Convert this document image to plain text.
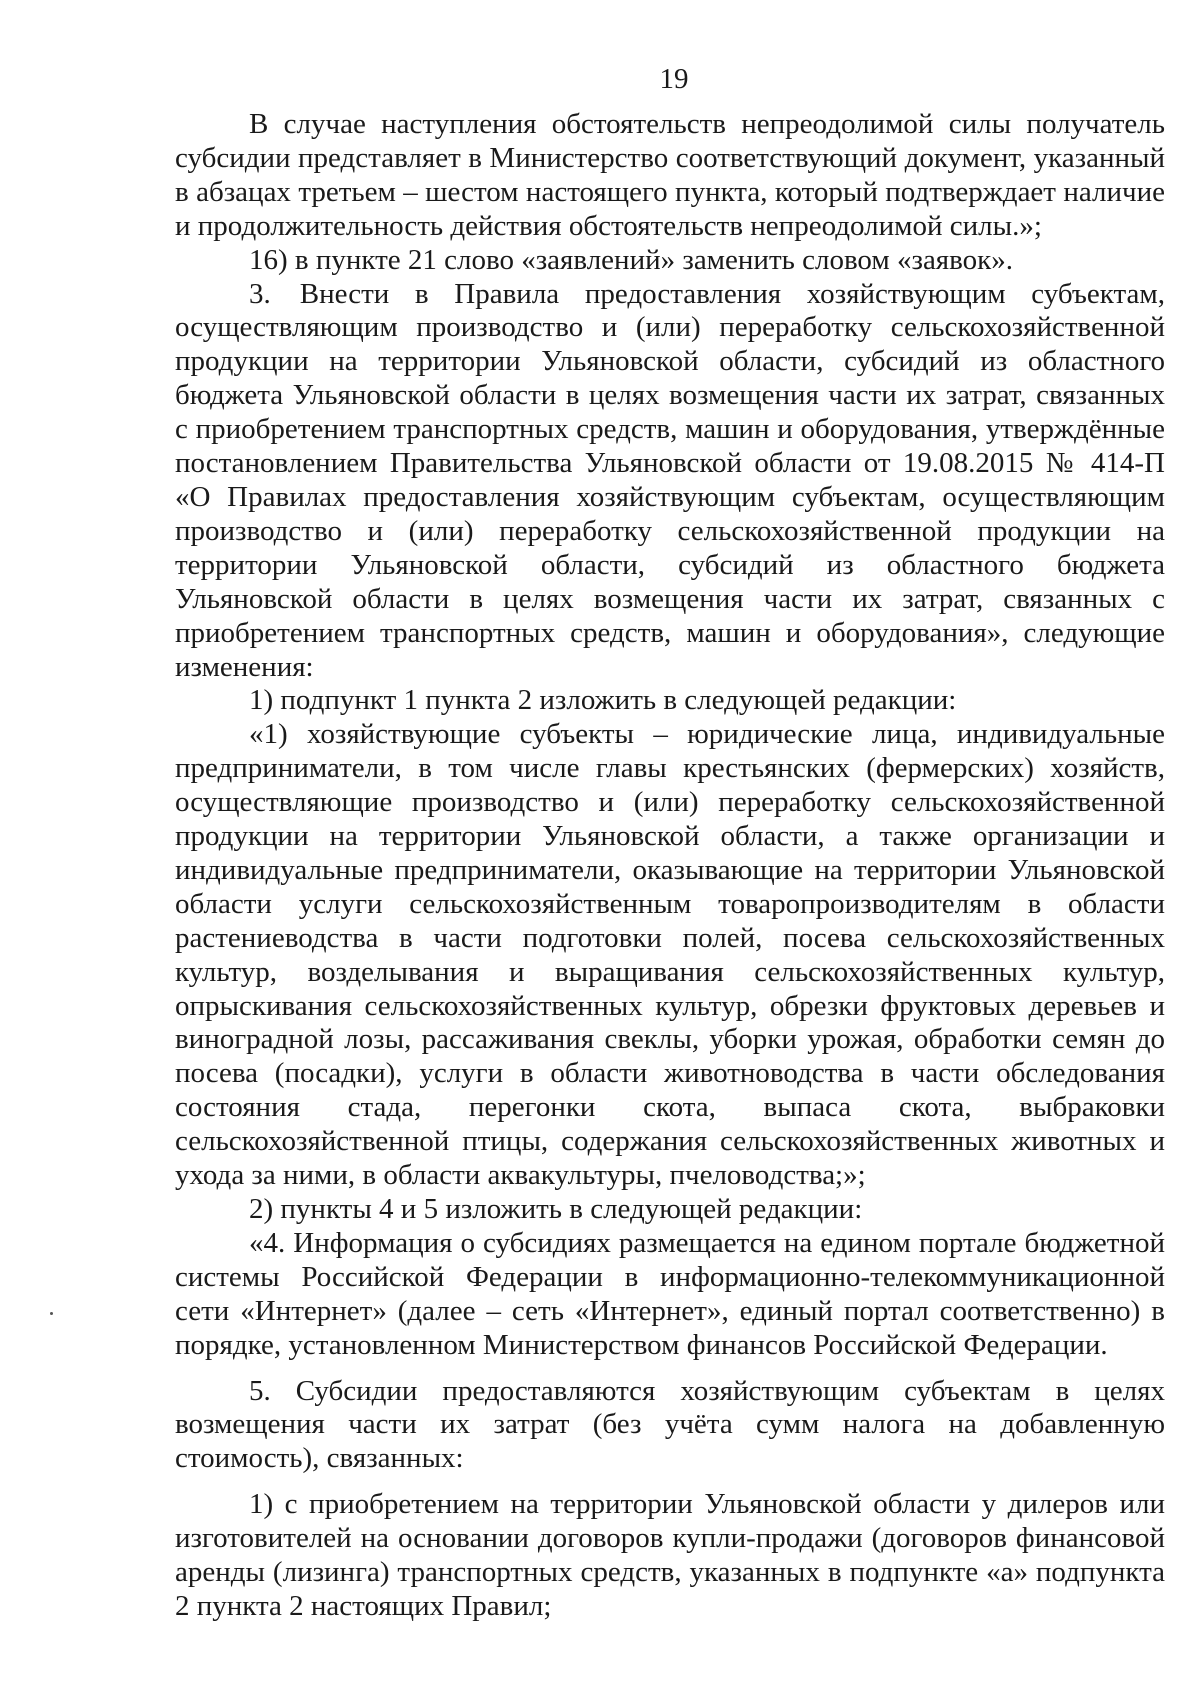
19

В случае наступления обстоятельств непреодолимой силы получатель субсидии представляет в Министерство соответствующий документ, указанный в абзацах третьем – шестом настоящего пункта, который подтверждает наличие и продолжительность действия обстоятельств непреодолимой силы.»;

16) в пункте 21 слово «заявлений» заменить словом «заявок».

3. Внести в Правила предоставления хозяйствующим субъектам, осуществляющим производство и (или) переработку сельскохозяйственной продукции на территории Ульяновской области, субсидий из областного бюджета Ульяновской области в целях возмещения части их затрат, связанных с приобретением транспортных средств, машин и оборудования, утверждённые постановлением Правительства Ульяновской области от 19.08.2015 № 414-П «О Правилах предоставления хозяйствующим субъектам, осуществляющим производство и (или) переработку сельскохозяйственной продукции на территории Ульяновской области, субсидий из областного бюджета Ульяновской области в целях возмещения части их затрат, связанных с приобретением транспортных средств, машин и оборудования», следующие изменения:

1) подпункт 1 пункта 2 изложить в следующей редакции:

«1) хозяйствующие субъекты – юридические лица, индивидуальные предприниматели, в том числе главы крестьянских (фермерских) хозяйств, осуществляющие производство и (или) переработку сельскохозяйственной продукции на территории Ульяновской области, а также организации и индивидуальные предприниматели, оказывающие на территории Ульяновской области услуги сельскохозяйственным товаропроизводителям в области растениеводства в части подготовки полей, посева сельскохозяйственных культур, возделывания и выращивания сельскохозяйственных культур, опрыскивания сельскохозяйственных культур, обрезки фруктовых деревьев и виноградной лозы, рассаживания свеклы, уборки урожая, обработки семян до посева (посадки), услуги в области животноводства в части обследования состояния стада, перегонки скота, выпаса скота, выбраковки сельскохозяйственной птицы, содержания сельскохозяйственных животных и ухода за ними, в области аквакультуры, пчеловодства;»;

2) пункты 4 и 5 изложить в следующей редакции:

«4. Информация о субсидиях размещается на едином портале бюджетной системы Российской Федерации в информационно-телекоммуникационной сети «Интернет» (далее – сеть «Интернет», единый портал соответственно) в порядке, установленном Министерством финансов Российской Федерации.

5. Субсидии предоставляются хозяйствующим субъектам в целях возмещения части их затрат (без учёта сумм налога на добавленную стоимость), связанных:

1) с приобретением на территории Ульяновской области у дилеров или изготовителей на основании договоров купли-продажи (договоров финансовой аренды (лизинга) транспортных средств, указанных в подпункте «а» подпункта 2 пункта 2 настоящих Правил;
